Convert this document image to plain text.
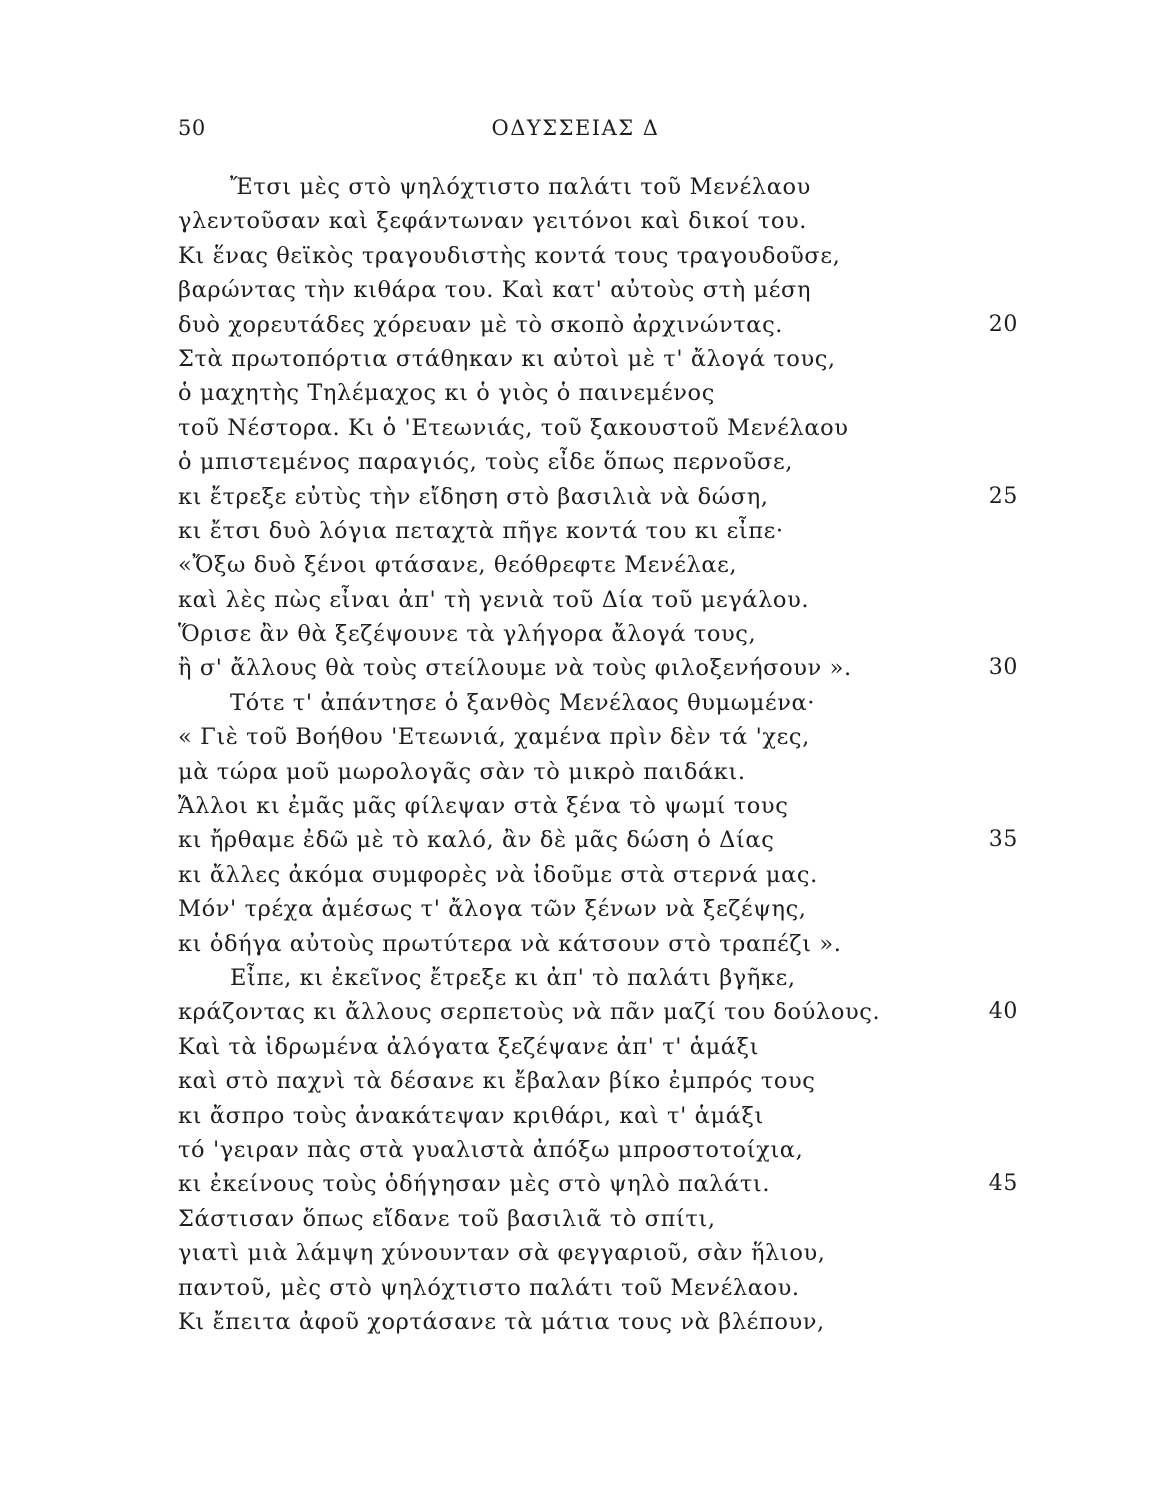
50	ΟΔΥΣΣΕΙΑΣ Δ
Ἔτσι μὲς στὸ ψηλόχτιστο παλάτι τοῦ Μενέλαου
γλεντοῦσαν καὶ ξεφάντωναν γειτόνοι καὶ δικοί του.
Κι ἕνας θεϊκὸς τραγουδιστὴς κοντά τους τραγουδοῦσε,
βαρώντας τὴν κιθάρα του. Καὶ κατ' αὐτοὺς στὴ μέση
δυὸ χορευτάδες χόρευαν μὲ τὸ σκοπὸ ἀρχινώντας.	20
Στὰ πρωτοπόρτια στάθηκαν κι αὐτοὶ μὲ τ' ἄλογά τους,
ὁ μαχητὴς Τηλέμαχος κι ὁ γιὸς ὁ παινεμένος
τοῦ Νέστορα. Κι ὁ 'Ετεωνιάς, τοῦ ξακουστοῦ Μενέλαου
ὁ μπιστεμένος παραγιός, τοὺς εἶδε ὅπως περνοῦσε,
κι ἔτρεξε εὐτὺς τὴν εἴδηση στὸ βασιλιὰ νὰ δώση,	25
κι ἔτσι δυὸ λόγια πεταχτὰ πῆγε κοντά του κι εἶπε·
«Ὄξω δυὸ ξένοι φτάσανε, θεόθρεφτε Μενέλαε,
καὶ λὲς πὼς εἶναι ἀπ' τὴ γενιὰ τοῦ Δία τοῦ μεγάλου.
Ὅρισε ἂν θὰ ξεζέψουνε τὰ γλήγορα ἄλογά τους,
ἢ σ' ἄλλους θὰ τοὺς στείλουμε νὰ τοὺς φιλοξενήσουν ».	30
Τότε τ' ἀπάντησε ὁ ξανθὸς Μενέλαος θυμωμένα·
« Γιὲ τοῦ Βοήθου 'Ετεωνιά, χαμένα πρὶν δὲν τά 'χες,
μὰ τώρα μοῦ μωρολογᾶς σὰν τὸ μικρὸ παιδάκι.
Ἄλλοι κι ἐμᾶς μᾶς φίλεψαν στὰ ξένα τὸ ψωμί τους
κι ἤρθαμε ἐδῶ μὲ τὸ καλό, ἂν δὲ μᾶς δώση ὁ Δίας	35
κι ἄλλες ἀκόμα συμφορὲς νὰ ἰδοῦμε στὰ στερνά μας.
Μόν' τρέχα ἀμέσως τ' ἄλογα τῶν ξένων νὰ ξεζέψης,
κι ὁδήγα αὐτοὺς πρωτύτερα νὰ κάτσουν στὸ τραπέζι ».
Εἶπε, κι ἐκεῖνος ἔτρεξε κι ἀπ' τὸ παλάτι βγῆκε,
κράζοντας κι ἄλλους σερπετοὺς νὰ πᾶν μαζί του δούλους.	40
Καὶ τὰ ἱδρωμένα ἀλόγατα ξεζέψανε ἀπ' τ' ἁμάξι
καὶ στὸ παχνὶ τὰ δέσανε κι ἔβαλαν βίκο ἐμπρός τους
κι ἄσπρο τοὺς ἀνακάτεψαν κριθάρι, καὶ τ' ἁμάξι
τό 'γειραν πὰς στὰ γυαλιστὰ ἀπόξω μπροστοτοίχια,
κι ἐκείνους τοὺς ὁδήγησαν μὲς στὸ ψηλὸ παλάτι.	45
Σάστισαν ὅπως εἴδανε τοῦ βασιλιᾶ τὸ σπίτι,
γιατὶ μιὰ λάμψη χύνουνταν σὰ φεγγαριοῦ, σὰν ἥλιου,
παντοῦ, μὲς στὸ ψηλόχτιστο παλάτι τοῦ Μενέλαου.
Κι ἔπειτα ἀφοῦ χορτάσανε τὰ μάτια τους νὰ βλέπουν,
